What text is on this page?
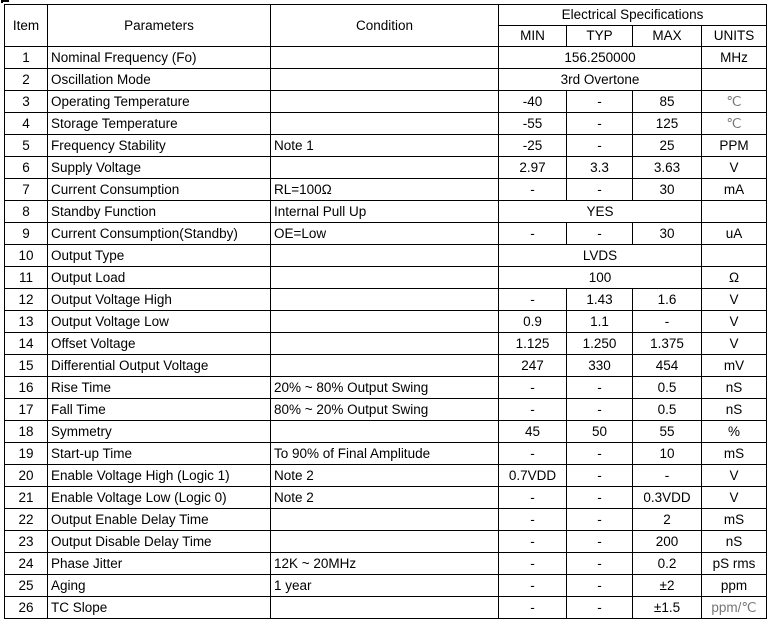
Item	Parameters	Condition	Electrical Specifications			
			MIN	TYP	MAX	UNITS
1	Nominal Frequency (Fo)		156.250000			MHz
2	Oscillation Mode		3rd Overtone			
3	Operating Temperature		-40	-	85	℃
4	Storage Temperature		-55	-	125	℃
5	Frequency Stability	Note 1	-25	-	25	PPM
6	Supply Voltage		2.97	3.3	3.63	V
7	Current Consumption	RL=100Ω	-	-	30	mA
8	Standby Function	Internal Pull Up	YES			
9	Current Consumption(Standby)	OE=Low	-	-	30	uA
10	Output Type		LVDS			
11	Output Load		100			Ω
12	Output Voltage High		-	1.43	1.6	V
13	Output Voltage Low		0.9	1.1	-	V
14	Offset Voltage		1.125	1.250	1.375	V
15	Differential Output Voltage		247	330	454	mV
16	Rise Time	20% ~ 80% Output Swing	-	-	0.5	nS
17	Fall Time	80% ~ 20% Output Swing	-	-	0.5	nS
18	Symmetry		45	50	55	%
19	Start-up Time	To 90% of Final Amplitude	-	-	10	mS
20	Enable Voltage High (Logic 1)	Note 2	0.7VDD	-	-	V
21	Enable Voltage Low (Logic 0)	Note 2	-	-	0.3VDD	V
22	Output Enable Delay Time		-	-	2	mS
23	Output Disable Delay Time		-	-	200	nS
24	Phase Jitter	12K ~ 20MHz	-	-	0.2	pS rms
25	Aging	1 year	-	-	±2	ppm
26	TC Slope		-	-	±1.5	ppm/℃
